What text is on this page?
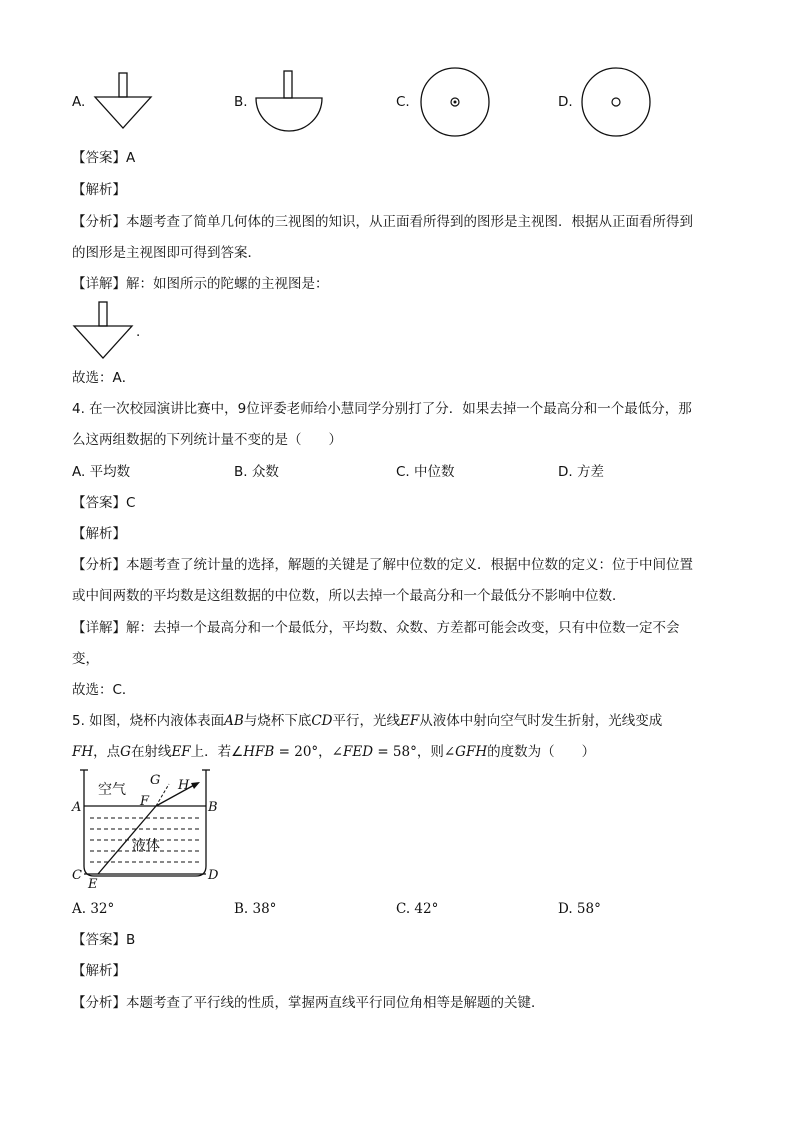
A.	B.	C.	D.
【答案】A
【解析】
【分析】本题考查了简单几何体的三视图的知识，从正面看所得到的图形是主视图．根据从正面看所得到
的图形是主视图即可得到答案．
【详解】解：如图所示的陀螺的主视图是：
.
故选：A．
4. 在一次校园演讲比赛中，9位评委老师给小慧同学分别打了分．如果去掉一个最高分和一个最低分，那
么这两组数据的下列统计量不变的是（　　）
A. 平均数	B. 众数	C. 中位数	D. 方差
【答案】C
【解析】
【分析】本题考查了统计量的选择，解题的关键是了解中位数的定义．根据中位数的定义：位于中间位置
或中间两数的平均数是这组数据的中位数，所以去掉一个最高分和一个最低分不影响中位数．
【详解】解：去掉一个最高分和一个最低分，平均数、众数、方差都可能会改变，只有中位数一定不会
变，
故选：C．
5. 如图，烧杯内液体表面AB与烧杯下底CD平行，光线EF从液体中射向空气时发生折射，光线变成
FH，点G在射线EF上．若∠HFB = 20°，∠FED = 58°，则∠GFH的度数为（　　）
空气
液体
A	B
C	D
E
F
G H
A. 32°	B. 38°	C. 42°	D. 58°
【答案】B
【解析】
【分析】本题考查了平行线的性质，掌握两直线平行同位角相等是解题的关键．
